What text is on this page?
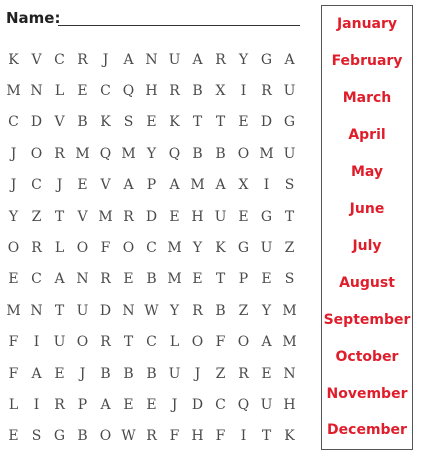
Name:
K V C R	J	A N U A R Y G A
M N L E C Q H R B X	I	R U
C D V B K S E K T T E D G
J	O R M Q M Y Q B B O M U
J	C	J	E V A P A M A X	I	S
Y Z T V M R D E H U E G T
O R L O F O C M Y K G U Z
E C A N R E B M E T P E S
M N T U D N W Y R B Z Y M
F	I	U O R T C L O F O A M
F A E	J	B B B U	J	Z R E N
L	I	R P A E E	J	D C Q U H
E S G B O W R F H F	I	T K
January
February
March
April
May
June
July
August
September
October
November
December
